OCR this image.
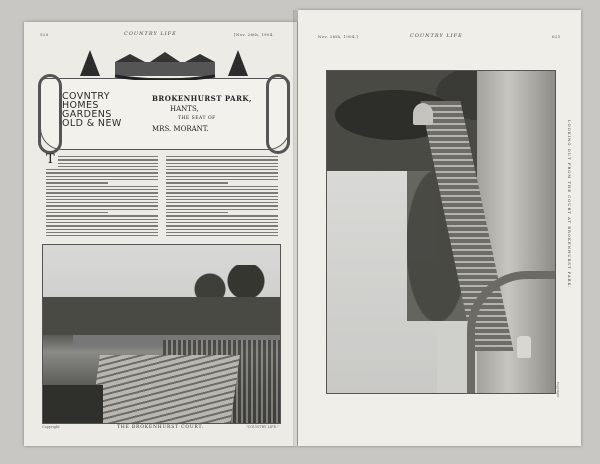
520	COUNTRY LIFE	[Nov. 26th, 1904.
COVNTRY
HOMES
GARDENS
OLD & NEW
BROKENHURST PARK,
HANTS,
THE SEAT OF
MRS. MORANT.
T
Copyright	THE BROKENHURST COURT.	"COUNTRY LIFE."
Nov. 26th, 1904.]	COUNTRY LIFE	621
LOOKING OUT FROM THE COURT AT BROKENHURST PARK.
Copyright
